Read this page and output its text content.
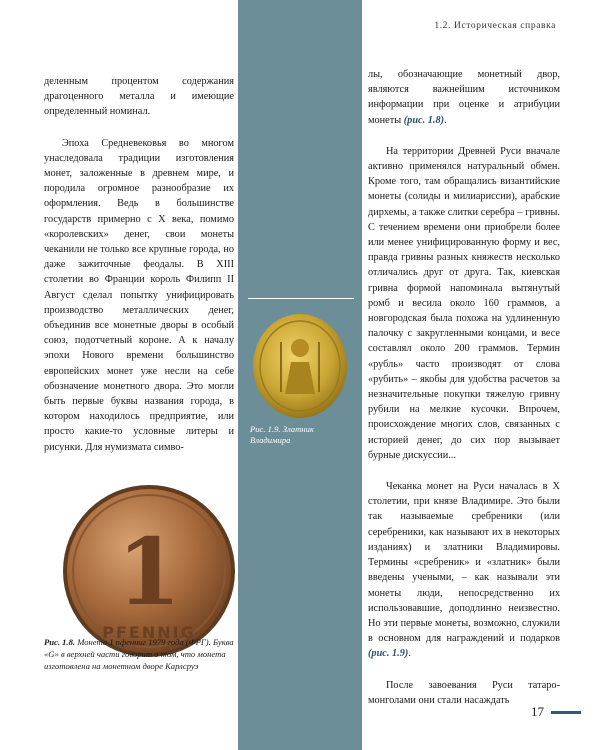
1.2. Историческая справка

деленным процентом содержания драгоценного металла и имеющие определенный номинал.

Эпоха Средневековья во многом унаследовала традиции изготовления монет, заложенные в древнем мире, и породила огромное разнообразие их оформления. Ведь в большинстве государств примерно с X века, помимо «королевских» денег, свои монеты чеканили не только все крупные города, но даже зажиточные феодалы. В XIII столетии во Франции король Филипп II Август сделал попытку унифицировать производство металлических денег, объединив все монетные дворы в особый союз, подотчетный короне. А к началу эпохи Нового времени большинство европейских монет уже несли на себе обозначение монетного двора. Это могли быть первые буквы названия города, в котором находилось предприятие, или просто какие-то условные литеры и рисунки. Для нумизмата симво-

лы, обозначающие монетный двор, являются важнейшим источником информации при оценке и атрибуции монеты (рис. 1.8).

На территории Древней Руси вначале активно применялся натуральный обмен. Кроме того, там обращались византийские монеты (солиды и милиариссии), арабские дирхемы, а также слитки серебра – гривны. С течением времени они приобрели более или менее унифицированную форму и вес, правда гривны разных княжеств несколько отличались друг от друга. Так, киевская гривна формой напоминала вытянутый ромб и весила около 160 граммов, а новгородская была похожа на удлиненную палочку с закругленными концами, и весе составлял около 200 граммов. Термин «рубль» часто производят от слова «рубить» – якобы для удобства расчетов за незначительные покупки тяжелую гривну рубили на мелкие кусочки. Впрочем, происхождение многих слов, связанных с историей денег, до сих пор вызывает бурные дискуссии...

Чеканка монет на Руси началась в X столетии, при князе Владимире. Это были так называемые сребреники (или серебреники, как называют их в некоторых изданиях) и златники Владимировы. Термины «сребреник» и «златник» были введены учеными, – как называли эти монеты люди, непосредственно их использовавшие, доподлинно неизвестно. Но эти первые монеты, возможно, служили в основном для награждений и подарков (рис. 1.9).

После завоевания Руси татаро-монголами они стали насаждать

1
PFENNIG
Рис. 1.8. Монета 1 пфенниг 1979 года (ФРГ). Буква «G» в верхней части говорит о том, что монета изготовлена на монетном дворе Карлсруэ
Рис. 1.9. Златник Владимира
17
